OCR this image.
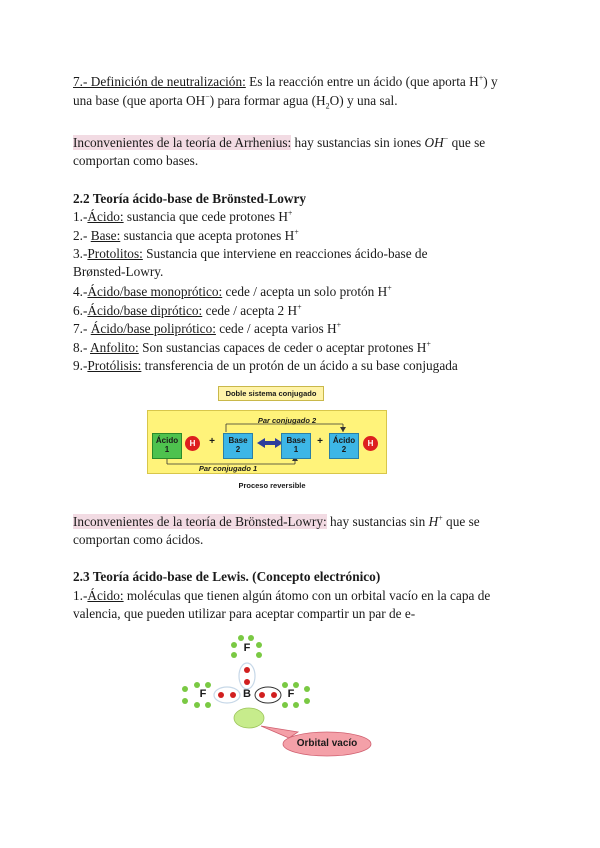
7.- Definición de neutralización: Es la reacción entre un ácido (que aporta H+) y
una base (que aporta OH−) para formar agua $(H_2O)$ y una sal.
Inconvenientes de la teoría de Arrhenius: hay sustancias sin iones OH− que se
comportan como bases.
2.2 Teoría ácido-base de Brönsted-Lowry
1.-Ácido: sustancia que cede protones H+
2.- Base: sustancia que acepta protones H+
3.-Protolitos: Sustancia que interviene en reacciones ácido-base de
Brønsted-Lowry.
4.-Ácido/base monoprótico: cede / acepta un solo protón H+
6.-Ácido/base diprótico: cede / acepta 2 H+
7.- Ácido/base poliprótico: cede / acepta varios H+
8.- Anfolito: Son sustancias capaces de ceder o aceptar protones H+
9.-Protólisis: transferencia de un protón de un ácido a su base conjugada
Doble sistema conjugado
Par conjugado 2
Par conjugado 1
Ácido
1
H	+	Base
2
Base
1
+	Ácido
2
H
Proceso reversible
Inconvenientes de la teoría de Brönsted-Lowry: hay sustancias sin H+ que se
comportan como ácidos.
2.3 Teoría ácido-base de Lewis. (Concepto electrónico)
1.-Ácido: moléculas que tienen algún átomo con un orbital vacío en la capa de
valencia, que pueden utilizar para aceptar compartir un par de e-
F
F	B	F
Orbital vacío
